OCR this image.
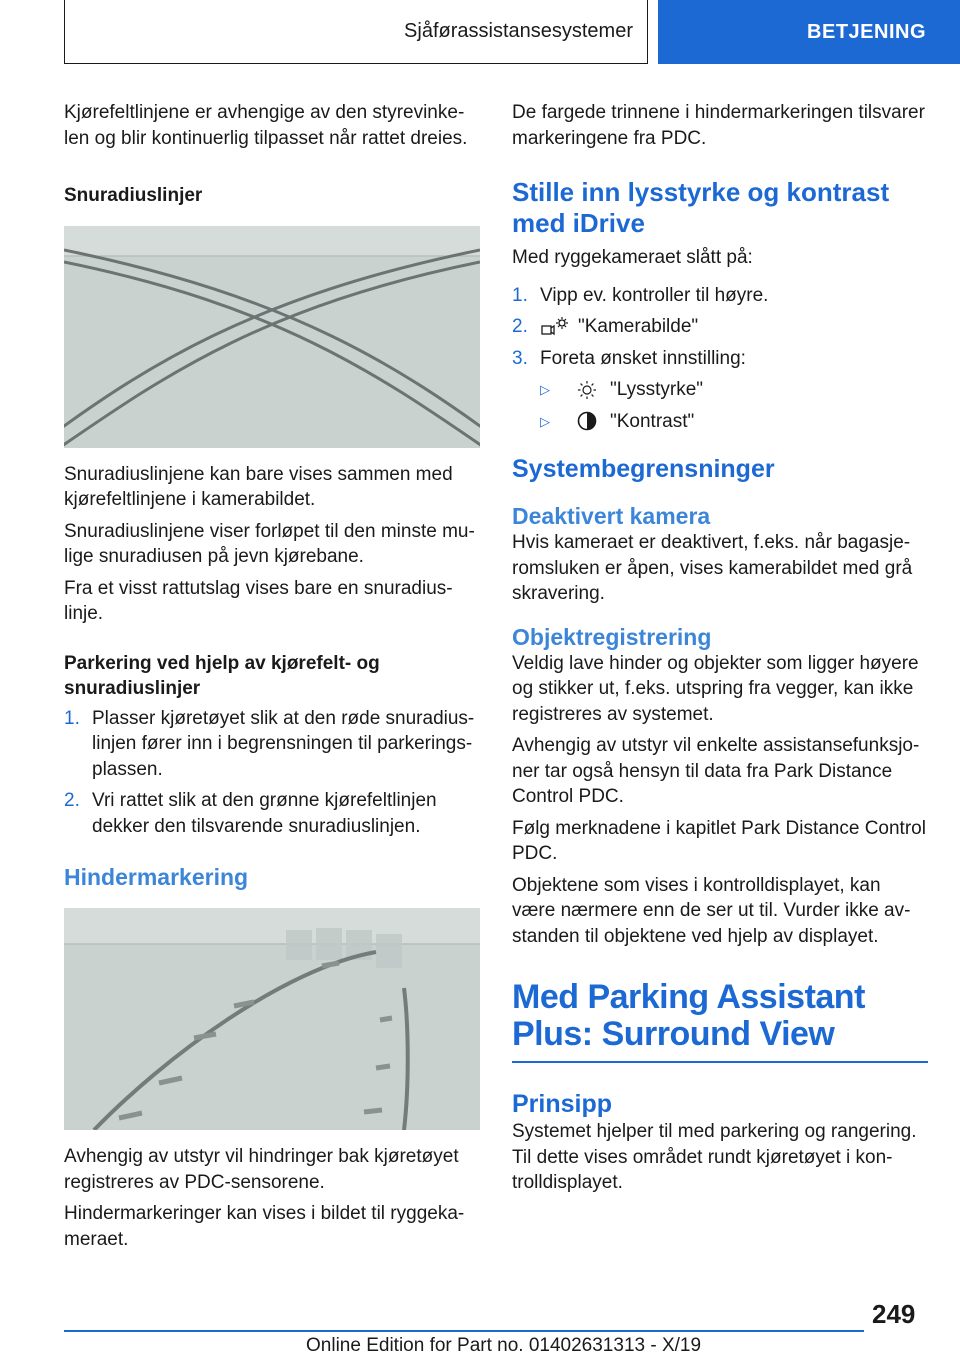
Sjåførassistansesystemer	BETJENING

Kjørefeltlinjene er avhengige av den styrevinke-len og blir kontinuerlig tilpasset når rattet dreies.

Snuradiuslinjer

Snuradiuslinjene kan bare vises sammen med kjørefeltlinjene i kamerabildet.

Snuradiuslinjene viser forløpet til den minste mu-lige snuradiusen på jevn kjørebane.

Fra et visst rattutslag vises bare en snuradius-linje.

Parkering ved hjelp av kjørefelt- og snuradiuslinjer
1. Plasser kjøretøyet slik at den røde snuradius-linjen fører inn i begrensningen til parkerings-plassen.
2. Vri rattet slik at den grønne kjørefeltlinjen dekker den tilsvarende snuradiuslinjen.
Hindermarkering

Avhengig av utstyr vil hindringer bak kjøretøyet registreres av PDC-sensorene.

Hindermarkeringer kan vises i bildet til ryggeka-meraet.

De fargede trinnene i hindermarkeringen tilsvarer markeringene fra PDC.

Stille inn lysstyrke og kontrast med iDrive

Med ryggekameraet slått på:

1. Vipp ev. kontroller til høyre.
2.	"Kamerabilde"
3. Foreta ønsket innstilling:
▷	"Lysstyrke"
▷	"Kontrast"
Systembegrensninger
Deaktivert kamera

Hvis kameraet er deaktivert, f.eks. når bagasje-romsluken er åpen, vises kamerabildet med grå skravering.

Objektregistrering

Veldig lave hinder og objekter som ligger høyere og stikker ut, f.eks. utspring fra vegger, kan ikke registreres av systemet.

Avhengig av utstyr vil enkelte assistansefunksjo-ner tar også hensyn til data fra Park Distance Control PDC.

Følg merknadene i kapitlet Park Distance Control PDC.

Objektene som vises i kontrolldisplayet, kan være nærmere enn de ser ut til. Vurder ikke av-standen til objektene ved hjelp av displayet.

Med Parking Assistant Plus: Surround View
Prinsipp

Systemet hjelper til med parkering og rangering. Til dette vises området rundt kjøretøyet i kon-trolldisplayet.

249
Online Edition for Part no. 01402631313 - X/19
